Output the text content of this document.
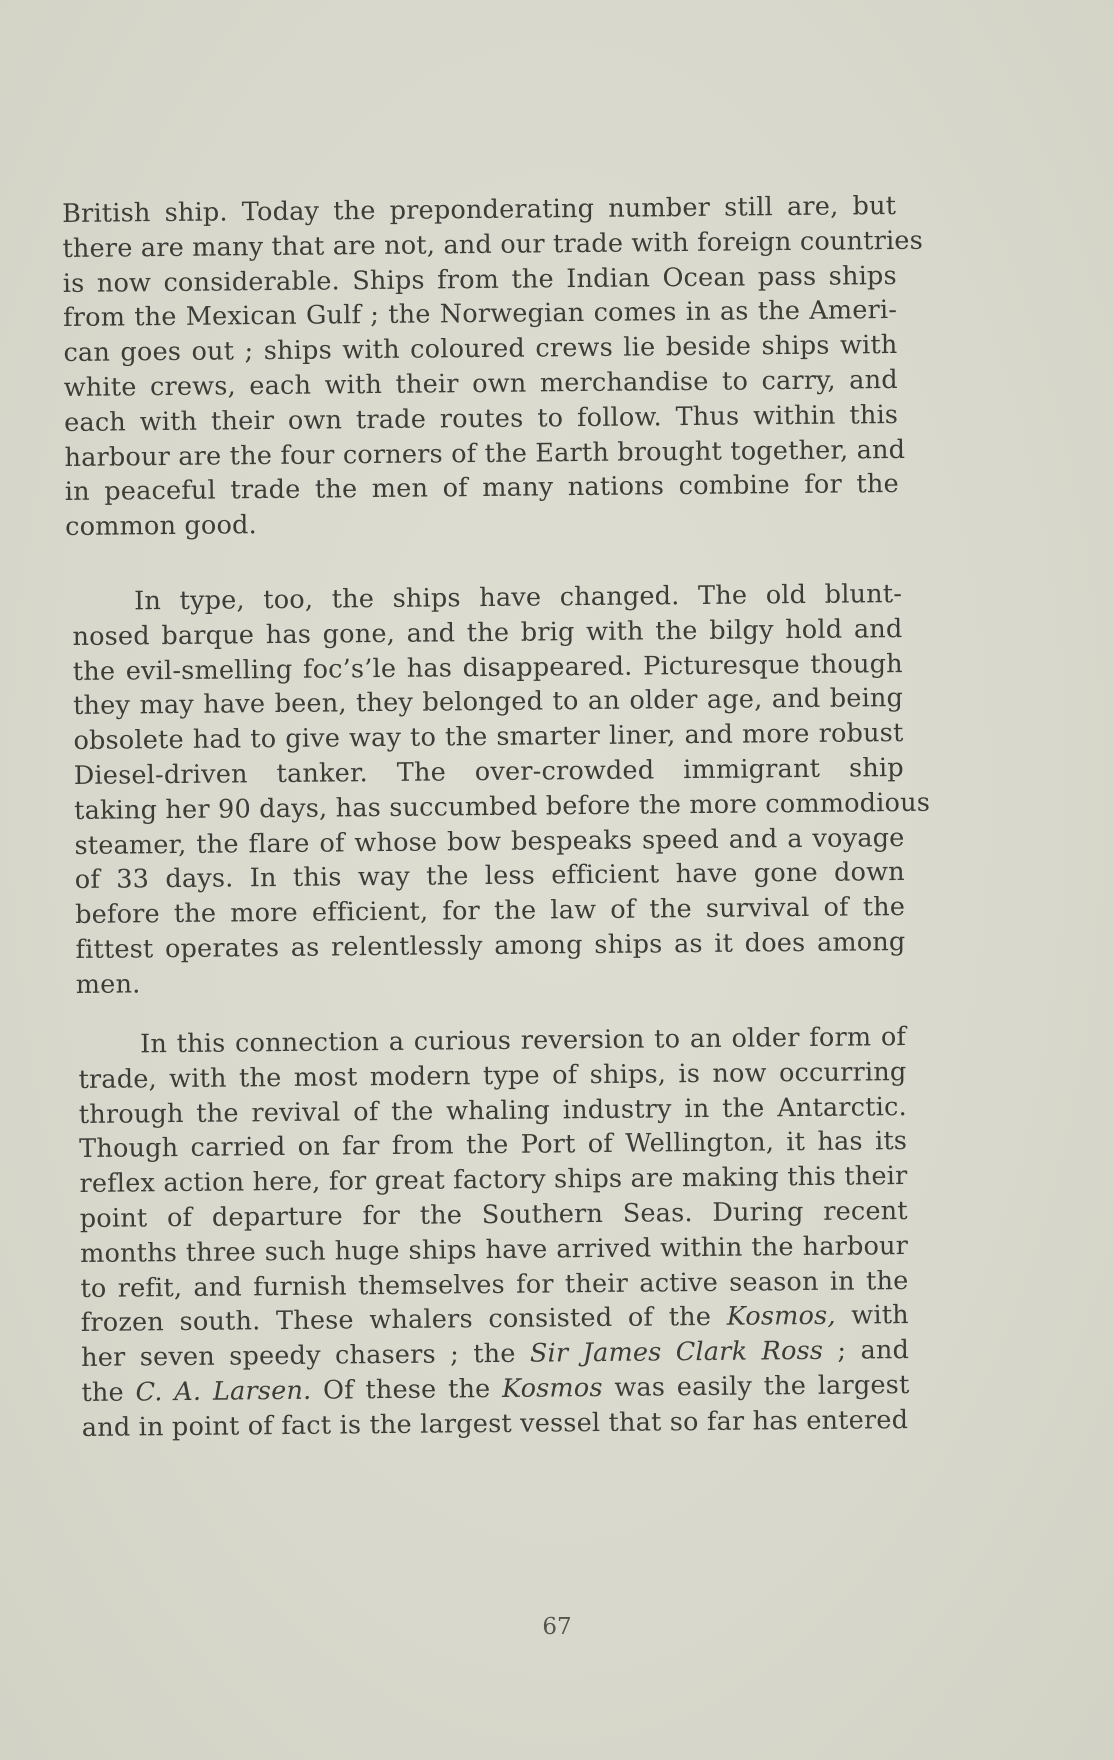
British ship. Today the preponderating number still are, but
there are many that are not, and our trade with foreign countries
is now considerable. Ships from the Indian Ocean pass ships
from the Mexican Gulf ; the Norwegian comes in as the Ameri-
can goes out ; ships with coloured crews lie beside ships with
white crews, each with their own merchandise to carry, and
each with their own trade routes to follow. Thus within this
harbour are the four corners of the Earth brought together, and
in peaceful trade the men of many nations combine for the
common good.
In type, too, the ships have changed. The old blunt-
nosed barque has gone, and the brig with the bilgy hold and
the evil-smelling foc’s’le has disappeared. Picturesque though
they may have been, they belonged to an older age, and being
obsolete had to give way to the smarter liner, and more robust
Diesel-driven tanker. The over-crowded immigrant ship
taking her 90 days, has succumbed before the more commodious
steamer, the flare of whose bow bespeaks speed and a voyage
of 33 days. In this way the less efficient have gone down
before the more efficient, for the law of the survival of the
fittest operates as relentlessly among ships as it does among
men.
In this connection a curious reversion to an older form of
trade, with the most modern type of ships, is now occurring
through the revival of the whaling industry in the Antarctic.
Though carried on far from the Port of Wellington, it has its
reflex action here, for great factory ships are making this their
point of departure for the Southern Seas. During recent
months three such huge ships have arrived within the harbour
to refit, and furnish themselves for their active season in the
frozen south. These whalers consisted of the Kosmos, with
her seven speedy chasers ; the Sir James Clark Ross ; and
the C. A. Larsen. Of these the Kosmos was easily the largest
and in point of fact is the largest vessel that so far has entered
67
